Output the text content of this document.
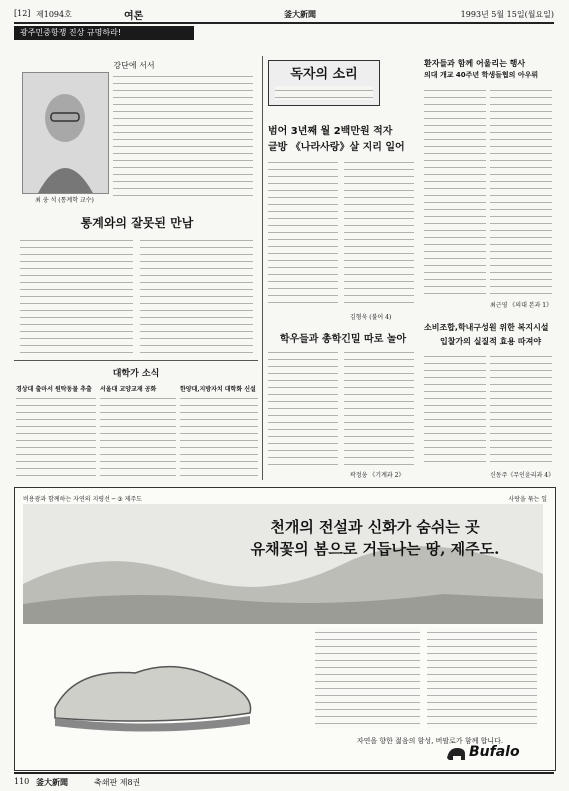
[12] 제1094호	여론	釜大新聞	1993년 5월 15일(월요일)
광주민중항쟁 진상 규명하라!
강단에 서서
최 웅 석 (통계학 교수)
통계와의 잘못된 만남
대학가 소식
경상대 출마서 원탁동물 추출	서울대 교양교재 공화	한양대,지방자치 대학화 신설
독자의 소리
범어 3년째 월 2백만원 적자
글방 《나라사랑》살 지리 일어
김형욱 (불어 4)
학우들과 총학긴밀 따로 놀아
곽정웅 《기계과 2》
환자들과 함께 어울리는 행사
의대 개교 40주년 학생들협의 아우뤼
최근영 《의대 본과 1》
소비조합,학내구성원 위한 복지시설
입찰가의 실질적 효용 따져야
신동주《무인윤리과 4》
비용광과 함께하는 자연의 지평선 ─ ③ 제주도	사랑을 묶는 일
천개의 전설과 신화가 숨쉬는 곳
유채꽃의 봄으로 거듭나는 땅, 제주도.
자연을 향한 젊음의 함성, 버팔로가 함께 합니다.
Bufalo
110 釜大新聞	축쇄판 제8권
